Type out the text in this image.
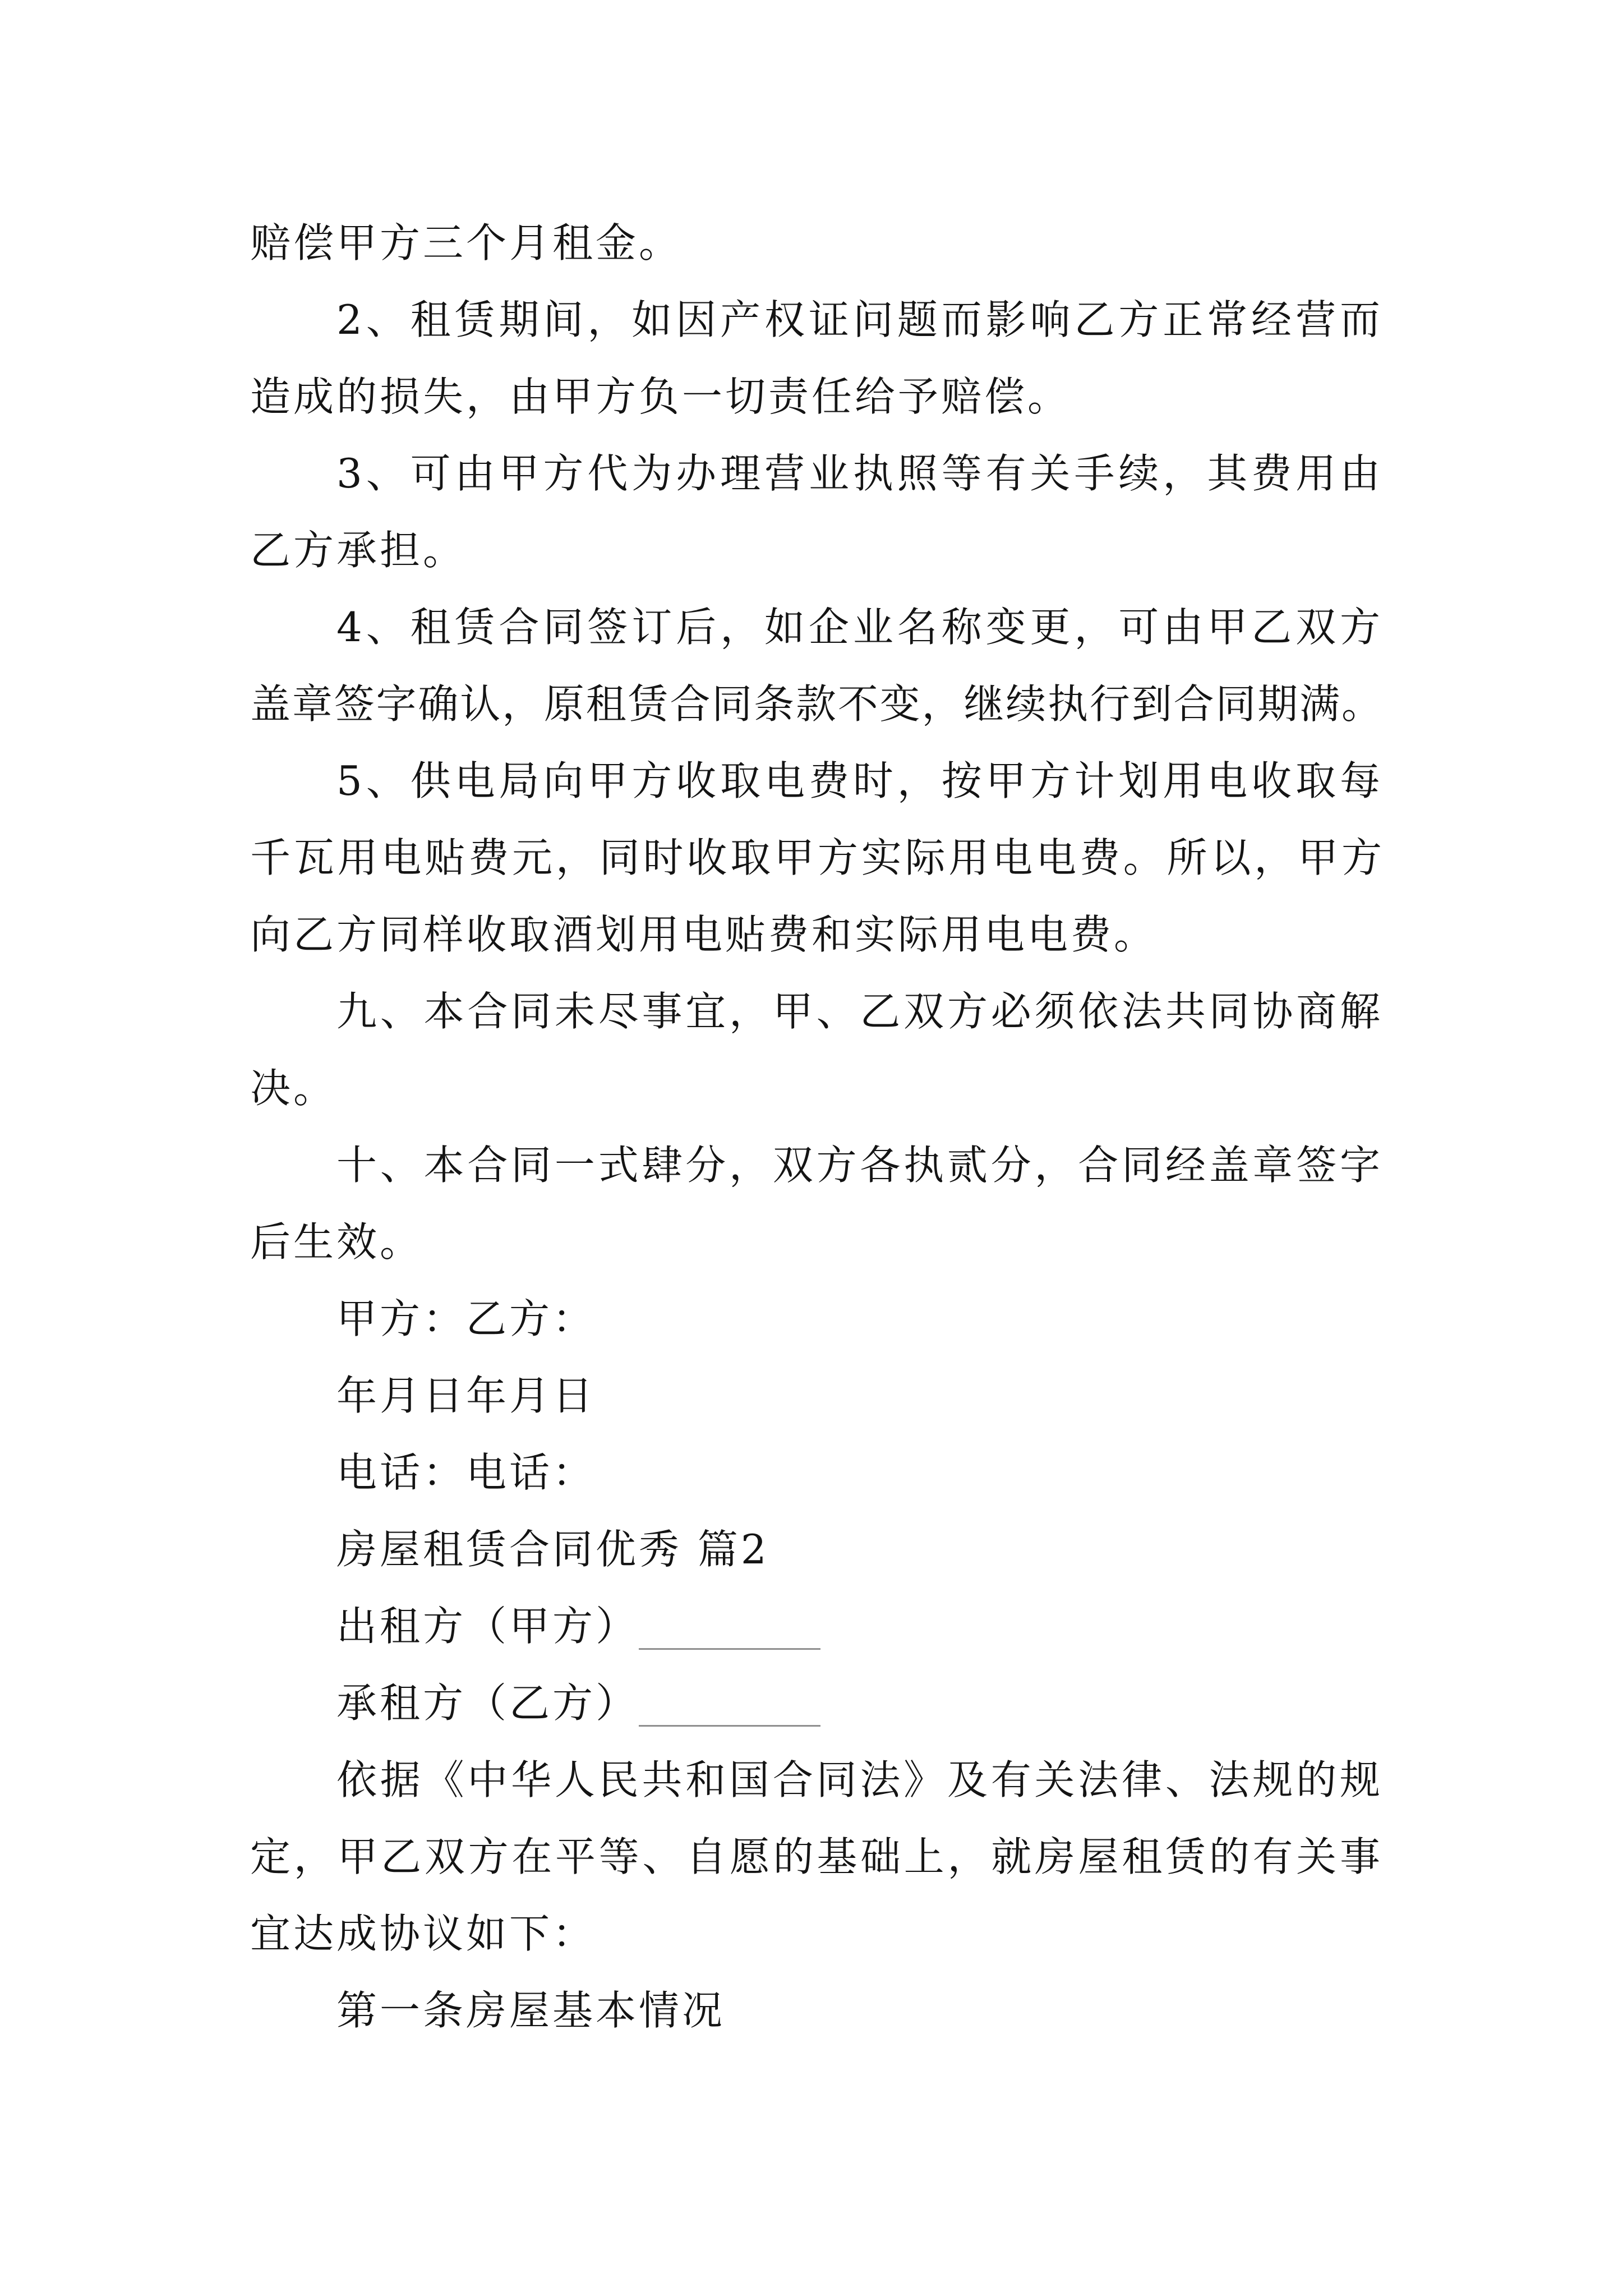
赔偿甲方三个月租金。
2、租赁期间，如因产权证问题而影响乙方正常经营而
造成的损失，由甲方负一切责任给予赔偿。
3、可由甲方代为办理营业执照等有关手续，其费用由
乙方承担。
4、租赁合同签订后，如企业名称变更，可由甲乙双方
盖章签字确认，原租赁合同条款不变，继续执行到合同期满。
5、供电局向甲方收取电费时，按甲方计划用电收取每
千瓦用电贴费元，同时收取甲方实际用电电费。所以，甲方
向乙方同样收取酒划用电贴费和实际用电电费。
九、本合同未尽事宜，甲、乙双方必须依法共同协商解
决。
十、本合同一式肆分，双方各执贰分，合同经盖章签字
后生效。
甲方：乙方：
年月日年月日
电话：电话：
房屋租赁合同优秀 篇2
出租方（甲方）_________
承租方（乙方）_________
依据《中华人民共和国合同法》及有关法律、法规的规
定，甲乙双方在平等、自愿的基础上，就房屋租赁的有关事
宜达成协议如下：
第一条房屋基本情况
